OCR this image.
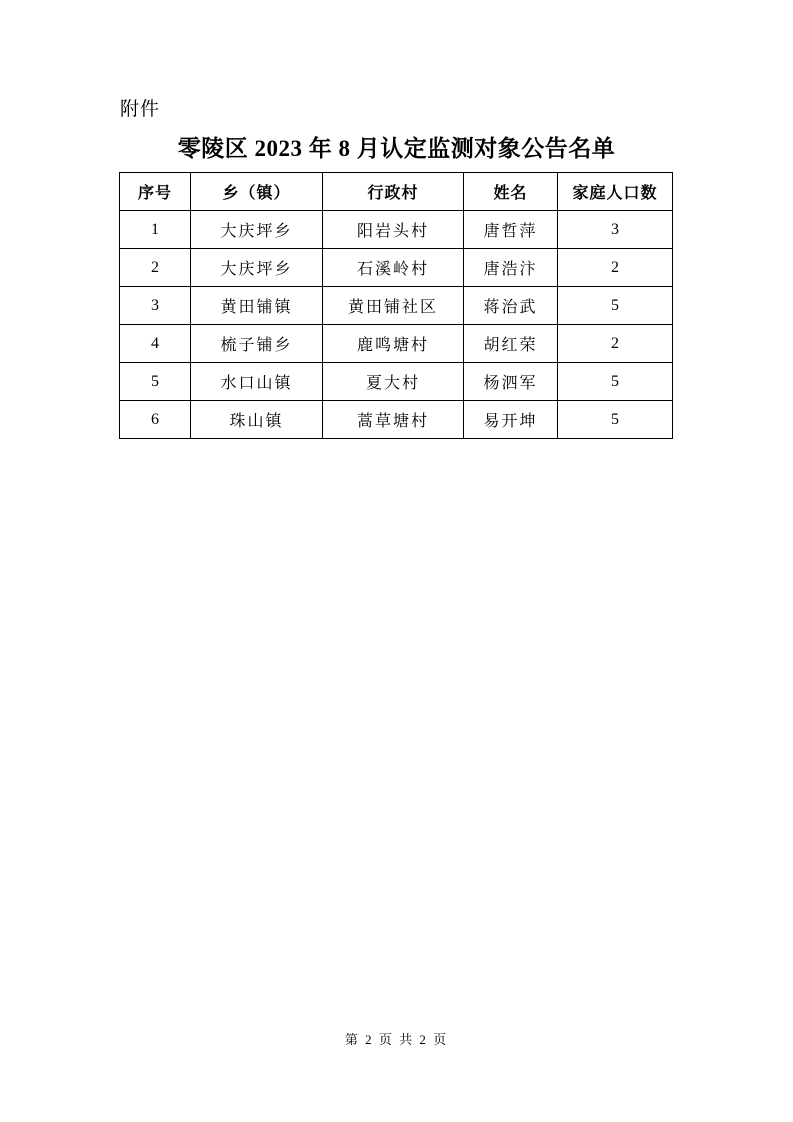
附件
零陵区 2023 年 8 月认定监测对象公告名单
序号	乡（镇）	行政村	姓名	家庭人口数
1	大庆坪乡	阳岩头村	唐哲萍	3
2	大庆坪乡	石溪岭村	唐浩汴	2
3	黄田铺镇	黄田铺社区	蒋治武	5
4	梳子铺乡	鹿鸣塘村	胡红荣	2
5	水口山镇	夏大村	杨泗军	5
6	珠山镇	蒿草塘村	易开坤	5
第 2 页 共 2 页
